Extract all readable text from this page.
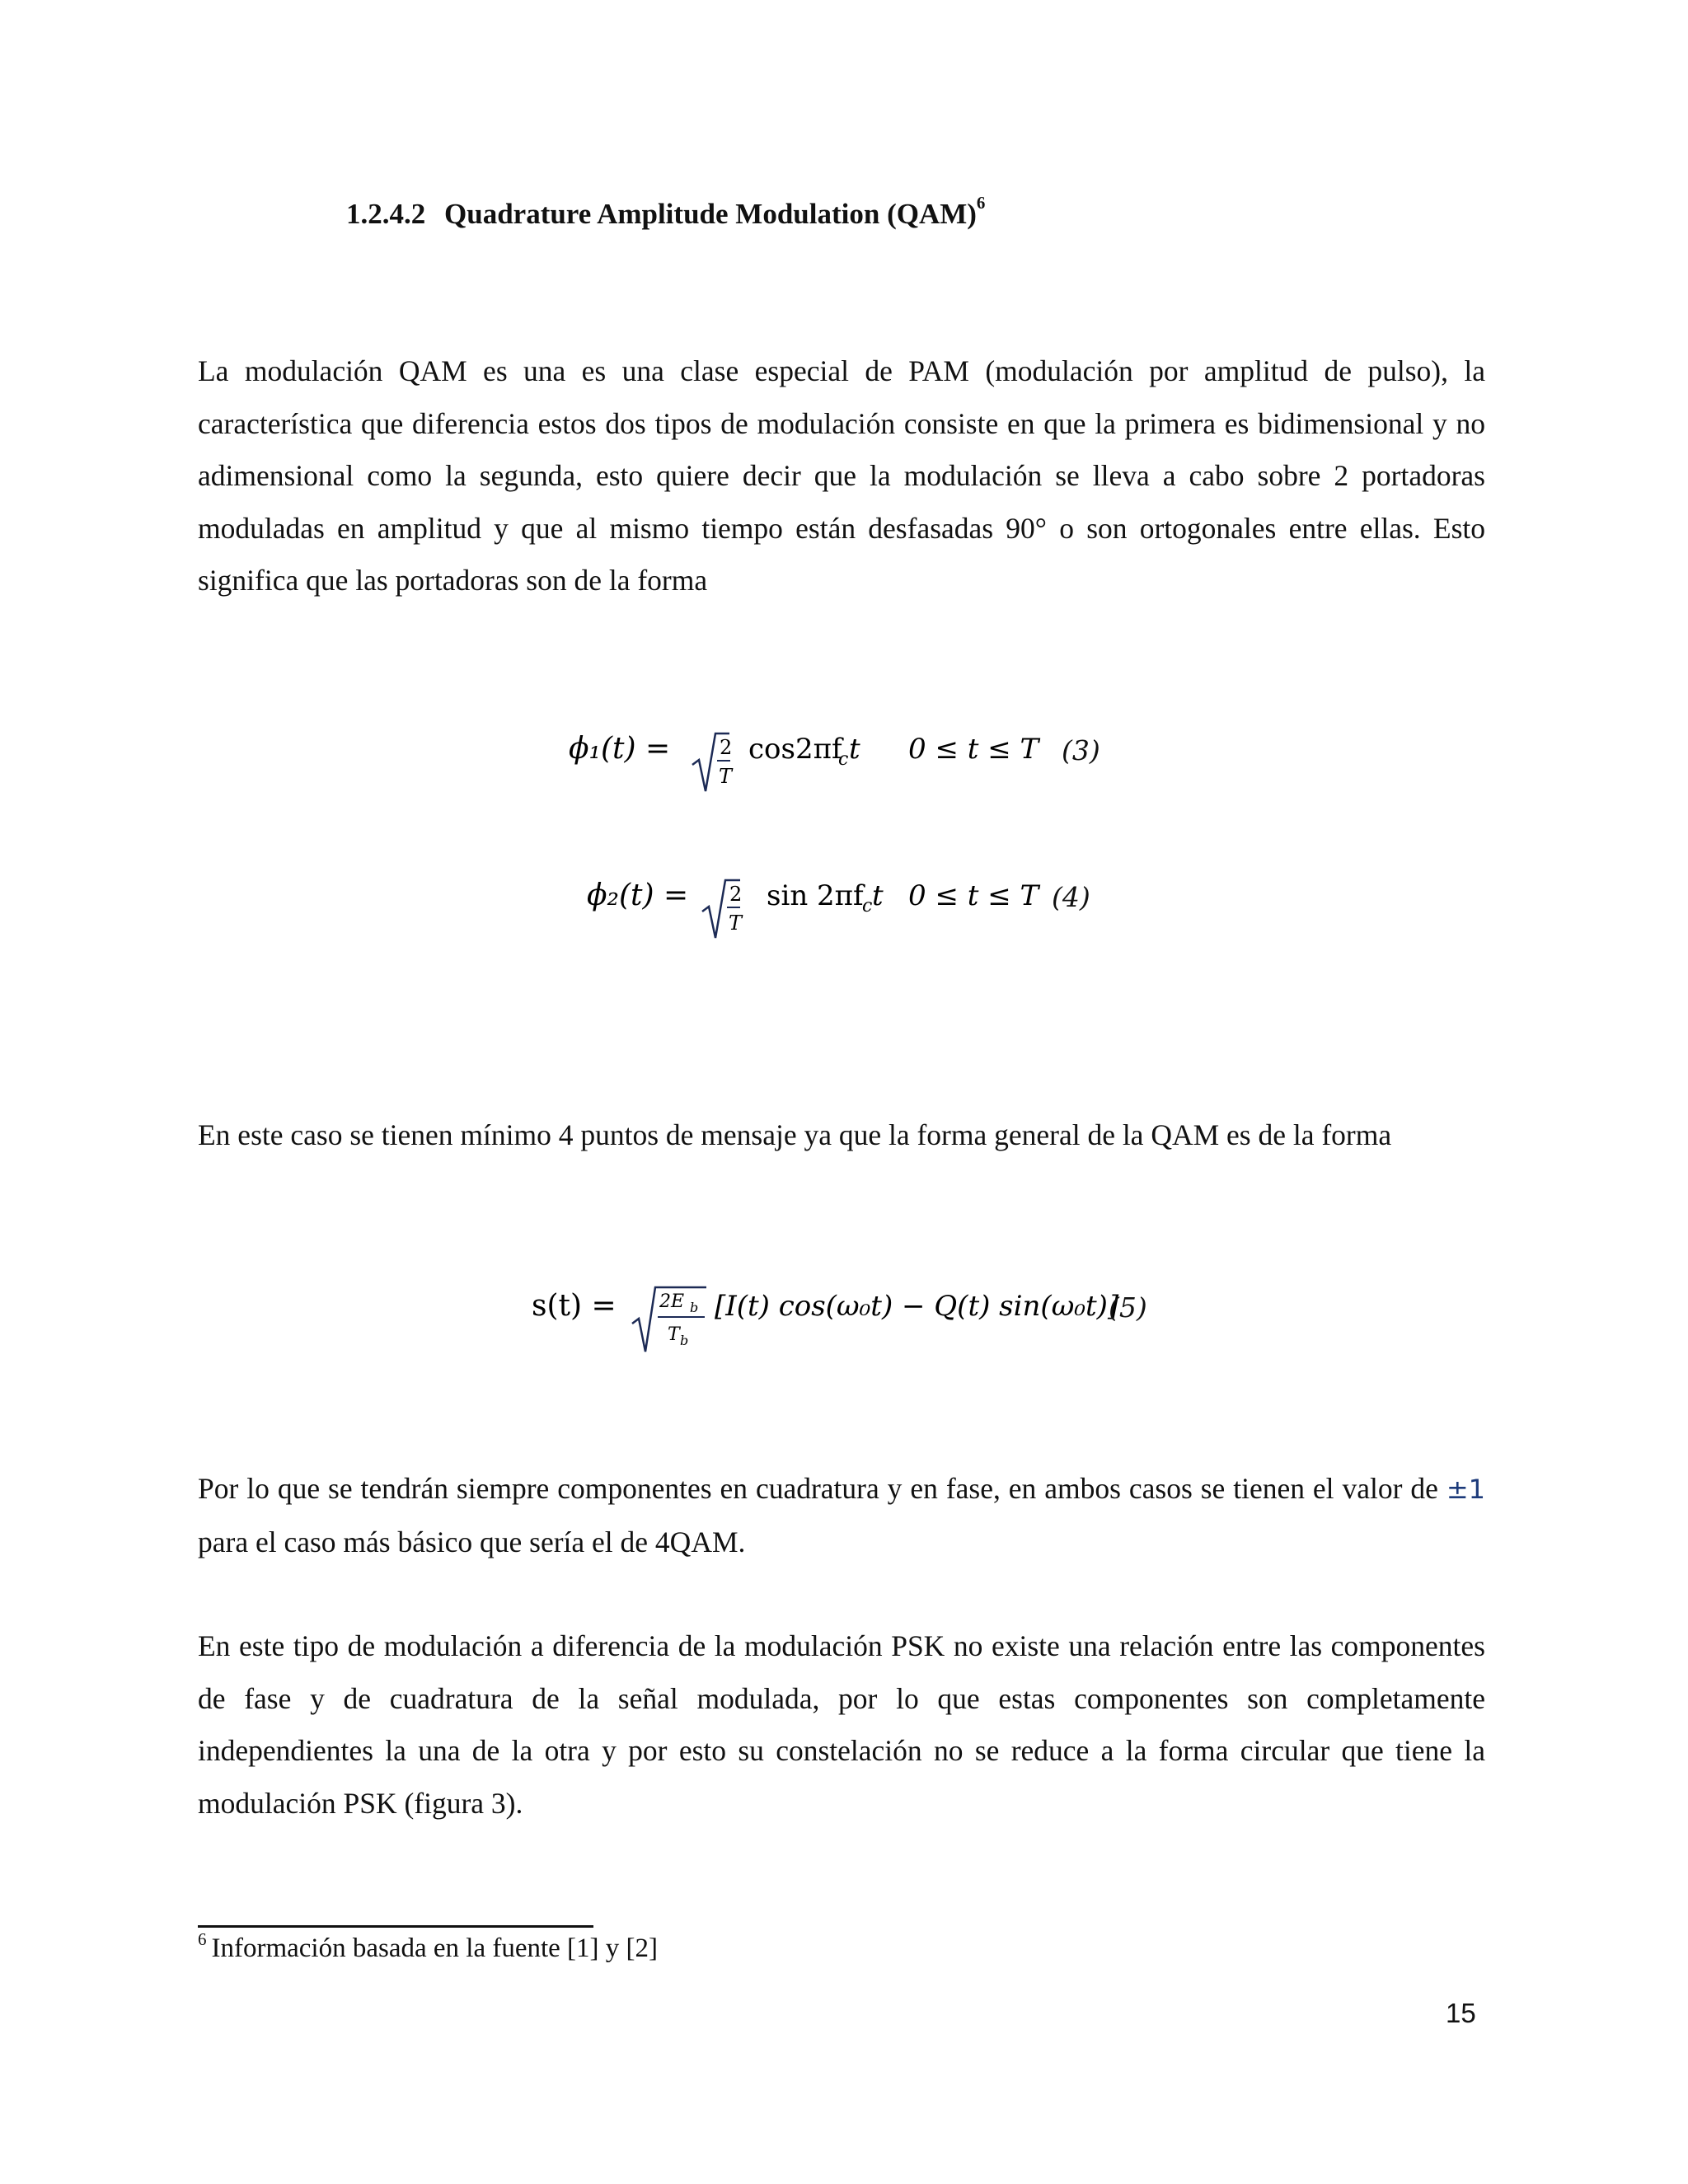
1.2.4.2 Quadrature Amplitude Modulation (QAM)$^6$

La modulación QAM es una es una clase especial de PAM (modulación por amplitud de pulso), la característica que diferencia estos dos tipos de modulación consiste en que la primera es bidimensional y no adimensional como la segunda, esto quiere decir que la modulación se lleva a cabo sobre 2 portadoras moduladas en amplitud y que al mismo tiempo están desfasadas 90° o son ortogonales entre ellas. Esto significa que las portadoras son de la forma

ϕ₁(t) = 2
T
cos2πf
c t 0 ≤ t ≤ T (3)
ϕ₂(t) = 2
T
sin 2πf
c t 0 ≤ t ≤ T (4)

En este caso se tienen mínimo 4 puntos de mensaje ya que la forma general de la QAM es de la forma

s(t) = 2E b
T b
[I(t) cos(ω₀t) − Q(t) sin(ω₀t)]
(5)

Por lo que se tendrán siempre componentes en cuadratura y en fase, en ambos casos se tienen el valor de ±1 para el caso más básico que sería el de 4QAM.

En este tipo de modulación a diferencia de la modulación PSK no existe una relación entre las componentes de fase y de cuadratura de la señal modulada, por lo que estas componentes son completamente independientes la una de la otra y por esto su constelación no se reduce a la forma circular que tiene la modulación PSK (figura 3).

$^6$ Información basada en la fuente [1] y [2]
15
